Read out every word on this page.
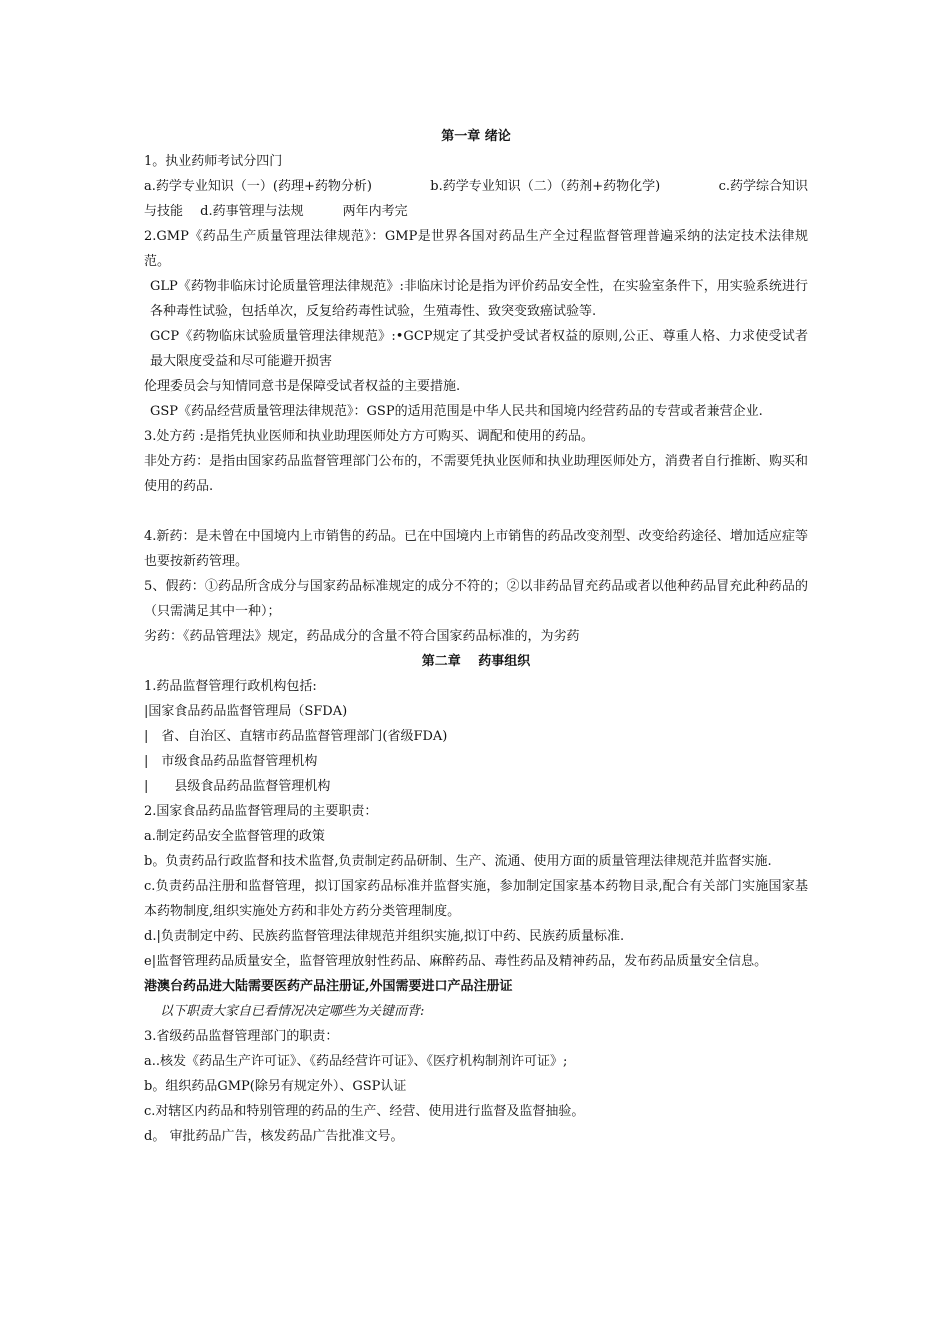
第一章 绪论
1。执业药师考试分四门
a.药学专业知识（一）(药理+药物分析)	b.药学专业知识（二）（药剂+药物化学)	c.药学综合知识
与技能　 d.药事管理与法规　　　两年内考完
2.GMP《药品生产质量管理法律规范》：GMP是世界各国对药品生产全过程监督管理普遍采纳的法定技术法律规范。
GLP《药物非临床讨论质量管理法律规范》:非临床讨论是指为评价药品安全性，在实验室条件下，用实验系统进行各种毒性试验，包括单次，反复给药毒性试验，生殖毒性、致突变致癌试验等.
GCP《药物临床试验质量管理法律规范》:•GCP规定了其受护受试者权益的原则,公正、尊重人格、力求使受试者最大限度受益和尽可能避开损害
伦理委员会与知情同意书是保障受试者权益的主要措施.
GSP《药品经营质量管理法律规范》：GSP的适用范围是中华人民共和国境内经营药品的专营或者兼营企业.
3.处方药 :是指凭执业医师和执业助理医师处方方可购买、调配和使用的药品。
非处方药：是指由国家药品监督管理部门公布的，不需要凭执业医师和执业助理医师处方，消费者自行推断、购买和使用的药品.
4.新药：是未曾在中国境内上市销售的药品。已在中国境内上市销售的药品改变剂型、改变给药途径、增加适应症等也要按新药管理。
5、假药：①药品所含成分与国家药品标准规定的成分不符的；②以非药品冒充药品或者以他种药品冒充此种药品的（只需满足其中一种）；
劣药：《药品管理法》规定，药品成分的含量不符合国家药品标准的，为劣药
第二章　 药事组织
1.药品监督管理行政机构包括:
|国家食品药品监督管理局（SFDA)
|　省、自治区、直辖市药品监督管理部门(省级FDA)
|　市级食品药品监督管理机构
|　　县级食品药品监督管理机构
2.国家食品药品监督管理局的主要职责：
a.制定药品安全监督管理的政策
b。负责药品行政监督和技术监督,负责制定药品研制、生产、流通、使用方面的质量管理法律规范并监督实施.
c.负责药品注册和监督管理，拟订国家药品标准并监督实施，参加制定国家基本药物目录,配合有关部门实施国家基本药物制度,组织实施处方药和非处方药分类管理制度。
d.|负责制定中药、民族药监督管理法律规范并组织实施,拟订中药、民族药质量标准.
e|监督管理药品质量安全，监督管理放射性药品、麻醉药品、毒性药品及精神药品，发布药品质量安全信息。
港澳台药品进大陆需要医药产品注册证,外国需要进口产品注册证
以下职责大家自已看情况决定哪些为关键而背:
3.省级药品监督管理部门的职责：
a..核发《药品生产许可证》、《药品经营许可证》、《医疗机构制剂许可证》;
b。组织药品GMP(除另有规定外）、GSP认证
c.对辖区内药品和特别管理的药品的生产、经营、使用进行监督及监督抽验。
d。 审批药品广告，核发药品广告批准文号。
